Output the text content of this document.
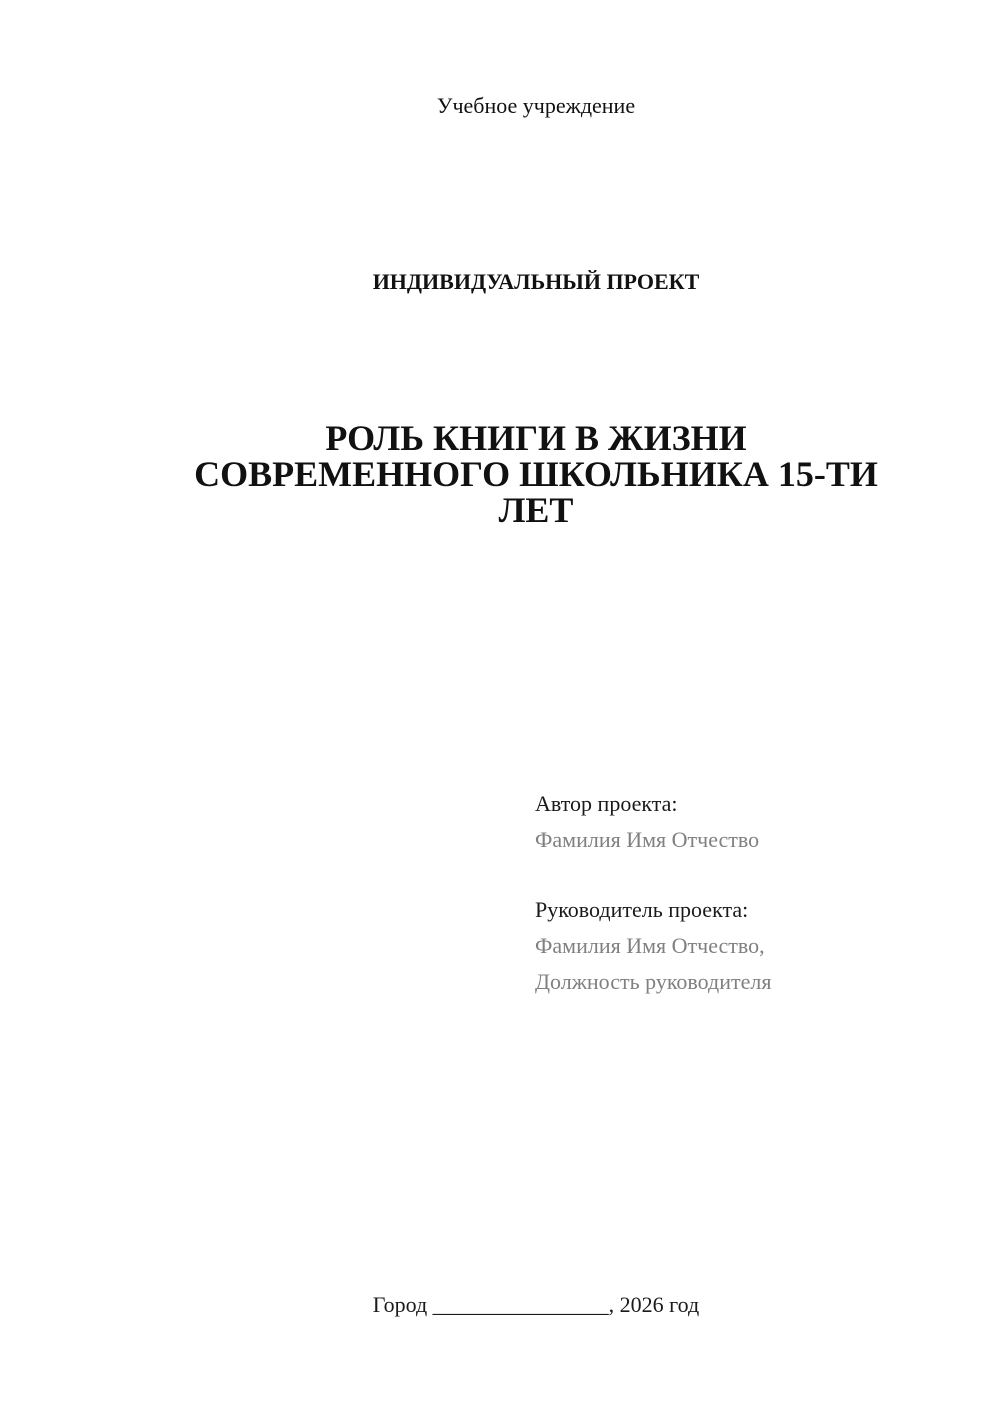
Учебное учреждение
ИНДИВИДУАЛЬНЫЙ ПРОЕКТ
РОЛЬ КНИГИ В ЖИЗНИ
СОВРЕМЕННОГО ШКОЛЬНИКА 15-ТИ
ЛЕТ
Автор проекта:
Фамилия Имя Отчество
Руководитель проекта:
Фамилия Имя Отчество,
Должность руководителя
Город ________________, 2026 год
